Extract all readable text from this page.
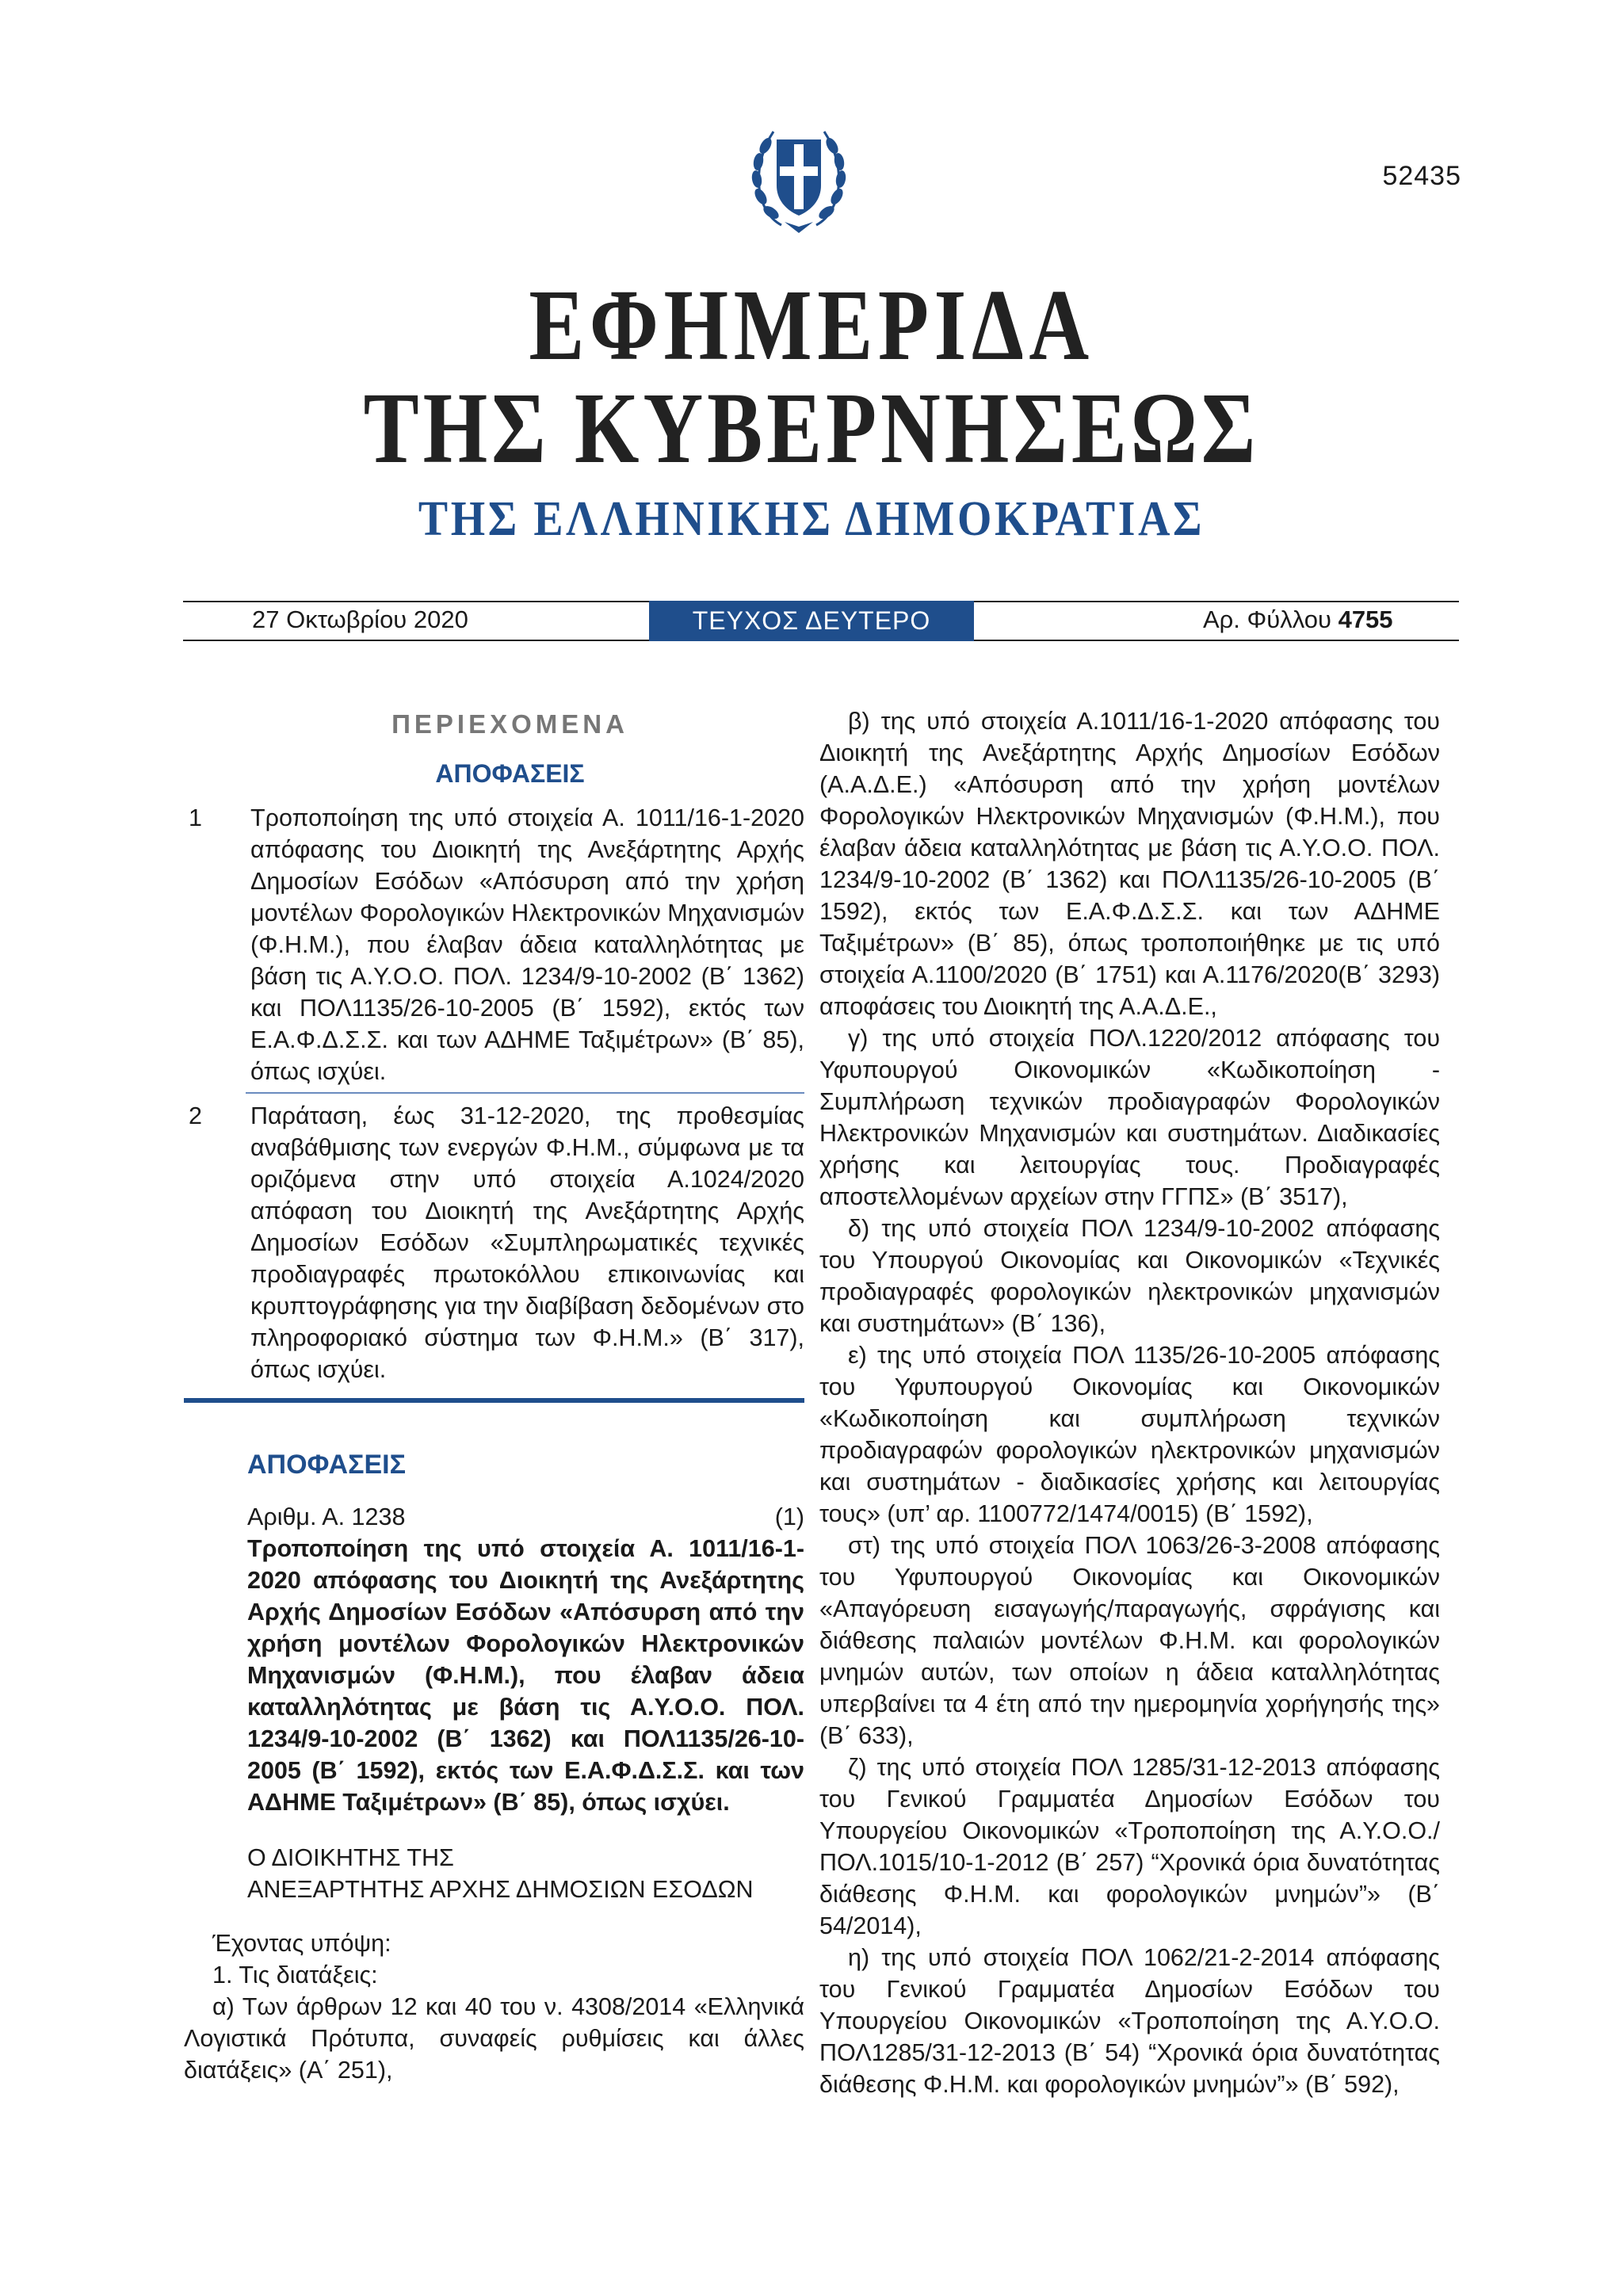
52435
ΕΦΗΜΕΡΙΔΑ
ΤΗΣ ΚΥΒΕΡΝΗΣΕΩΣ
ΤΗΣ ΕΛΛΗΝΙΚΗΣ ΔΗΜΟΚΡΑΤΙΑΣ
27 Οκτωβρίου 2020	ΤΕΥΧΟΣ ΔΕΥΤΕΡΟ	Αρ. Φύλλου 4755
ΠΕΡΙΕΧΟΜΕΝΑ
ΑΠΟΦΑΣΕΙΣ
1	Τροποποίηση της υπό στοιχεία Α. 1011/16-1-2020 απόφασης του Διοικητή της Ανεξάρτητης Αρχής Δημοσίων Εσόδων «Απόσυρση από την χρήση μοντέλων Φορολογικών Ηλεκτρονικών Μηχανισμών (Φ.Η.Μ.), που έλαβαν άδεια καταλληλότητας με βάση τις Α.Υ.Ο.Ο. ΠΟΛ. 1234/9-10-2002 (Β΄ 1362) και ΠΟΛ1135/26-10-2005 (Β΄ 1592), εκτός των Ε.Α.Φ.Δ.Σ.Σ. και των ΑΔΗΜΕ Ταξιμέτρων» (Β΄ 85), όπως ισχύει.
2	Παράταση, έως 31-12-2020, της προθεσμίας αναβάθμισης των ενεργών Φ.Η.Μ., σύμφωνα με τα οριζόμενα στην υπό στοιχεία Α.1024/2020 απόφαση του Διοικητή της Ανεξάρτητης Αρχής Δημοσίων Εσόδων «Συμπληρωματικές τεχνικές προδιαγραφές πρωτοκόλλου επικοινωνίας και κρυπτογράφησης για την διαβίβαση δεδομένων στο πληροφοριακό σύστημα των Φ.Η.Μ.» (Β΄ 317), όπως ισχύει.
ΑΠΟΦΑΣΕΙΣ
Αριθμ. Α. 1238	(1)
Τροποποίηση της υπό στοιχεία Α. 1011/16-1-2020 απόφασης του Διοικητή της Ανεξάρτητης Αρχής Δημοσίων Εσόδων «Απόσυρση από την χρήση μοντέλων Φορολογικών Ηλεκτρονικών Μηχανισμών (Φ.Η.Μ.), που έλαβαν άδεια καταλληλότητας με βάση τις Α.Υ.Ο.Ο. ΠΟΛ. 1234/9-10-2002 (Β΄ 1362) και ΠΟΛ1135/26-10-2005 (Β΄ 1592), εκτός των Ε.Α.Φ.Δ.Σ.Σ. και των ΑΔΗΜΕ Ταξιμέτρων» (Β΄ 85), όπως ισχύει.
Ο ΔΙΟΙΚΗΤΗΣ ΤΗΣ
ΑΝΕΞΑΡΤΗΤΗΣ ΑΡΧΗΣ ΔΗΜΟΣΙΩΝ ΕΣΟΔΩΝ
Έχοντας υπόψη:
1. Τις διατάξεις:
α) Των άρθρων 12 και 40 του ν. 4308/2014 «Ελληνικά Λογιστικά Πρότυπα, συναφείς ρυθμίσεις και άλλες διατάξεις» (Α΄ 251),
β) της υπό στοιχεία Α.1011/16-1-2020 απόφασης του Διοικητή της Ανεξάρτητης Αρχής Δημοσίων Εσόδων (Α.Α.Δ.Ε.) «Απόσυρση από την χρήση μοντέλων Φορολογικών Ηλεκτρονικών Μηχανισμών (Φ.Η.Μ.), που έλαβαν άδεια καταλληλότητας με βάση τις Α.Υ.Ο.Ο. ΠΟΛ. 1234/9-10-2002 (Β΄ 1362) και ΠΟΛ1135/26-10-2005 (Β΄ 1592), εκτός των Ε.Α.Φ.Δ.Σ.Σ. και των ΑΔΗΜΕ Ταξιμέτρων» (Β΄ 85), όπως τροποποιήθηκε με τις υπό στοιχεία Α.1100/2020 (Β΄ 1751) και Α.1176/2020(Β΄ 3293) αποφάσεις του Διοικητή της Α.Α.Δ.Ε.,
γ) της υπό στοιχεία ΠΟΛ.1220/2012 απόφασης του Υφυπουργού Οικονομικών «Κωδικοποίηση - Συμπλήρωση τεχνικών προδιαγραφών Φορολογικών Ηλεκτρονικών Μηχανισμών και συστημάτων. Διαδικασίες χρήσης και λειτουργίας τους. Προδιαγραφές αποστελλομένων αρχείων στην ΓΓΠΣ» (Β΄ 3517),
δ) της υπό στοιχεία ΠΟΛ 1234/9-10-2002 απόφασης του Υπουργού Οικονομίας και Οικονομικών «Τεχνικές προδιαγραφές φορολογικών ηλεκτρονικών μηχανισμών και συστημάτων» (Β΄ 136),
ε) της υπό στοιχεία ΠΟΛ 1135/26-10-2005 απόφασης του Υφυπουργού Οικονομίας και Οικονομικών «Κωδικοποίηση και συμπλήρωση τεχνικών προδιαγραφών φορολογικών ηλεκτρονικών μηχανισμών και συστημάτων - διαδικασίες χρήσης και λειτουργίας τους» (υπ’ αρ. 1100772/1474/0015) (Β΄ 1592),
στ) της υπό στοιχεία ΠΟΛ 1063/26-3-2008 απόφασης του Υφυπουργού Οικονομίας και Οικονομικών «Απαγόρευση εισαγωγής/παραγωγής, σφράγισης και διάθεσης παλαιών μοντέλων Φ.Η.Μ. και φορολογικών μνημών αυτών, των οποίων η άδεια καταλληλότητας υπερβαίνει τα 4 έτη από την ημερομηνία χορήγησής της» (Β΄ 633),
ζ) της υπό στοιχεία ΠΟΛ 1285/31-12-2013 απόφασης του Γενικού Γραμματέα Δημοσίων Εσόδων του Υπουργείου Οικονομικών «Τροποποίηση της Α.Υ.Ο.Ο./ ΠΟΛ.1015/10-1-2012 (Β΄ 257) “Χρονικά όρια δυνατότητας διάθεσης Φ.Η.Μ. και φορολογικών μνημών”» (Β΄ 54/2014),
η) της υπό στοιχεία ΠΟΛ 1062/21-2-2014 απόφασης του Γενικού Γραμματέα Δημοσίων Εσόδων του Υπουργείου Οικονομικών «Τροποποίηση της Α.Υ.Ο.Ο. ΠΟΛ1285/31-12-2013 (Β΄ 54) “Χρονικά όρια δυνατότητας διάθεσης Φ.Η.Μ. και φορολογικών μνημών”» (Β΄ 592),
